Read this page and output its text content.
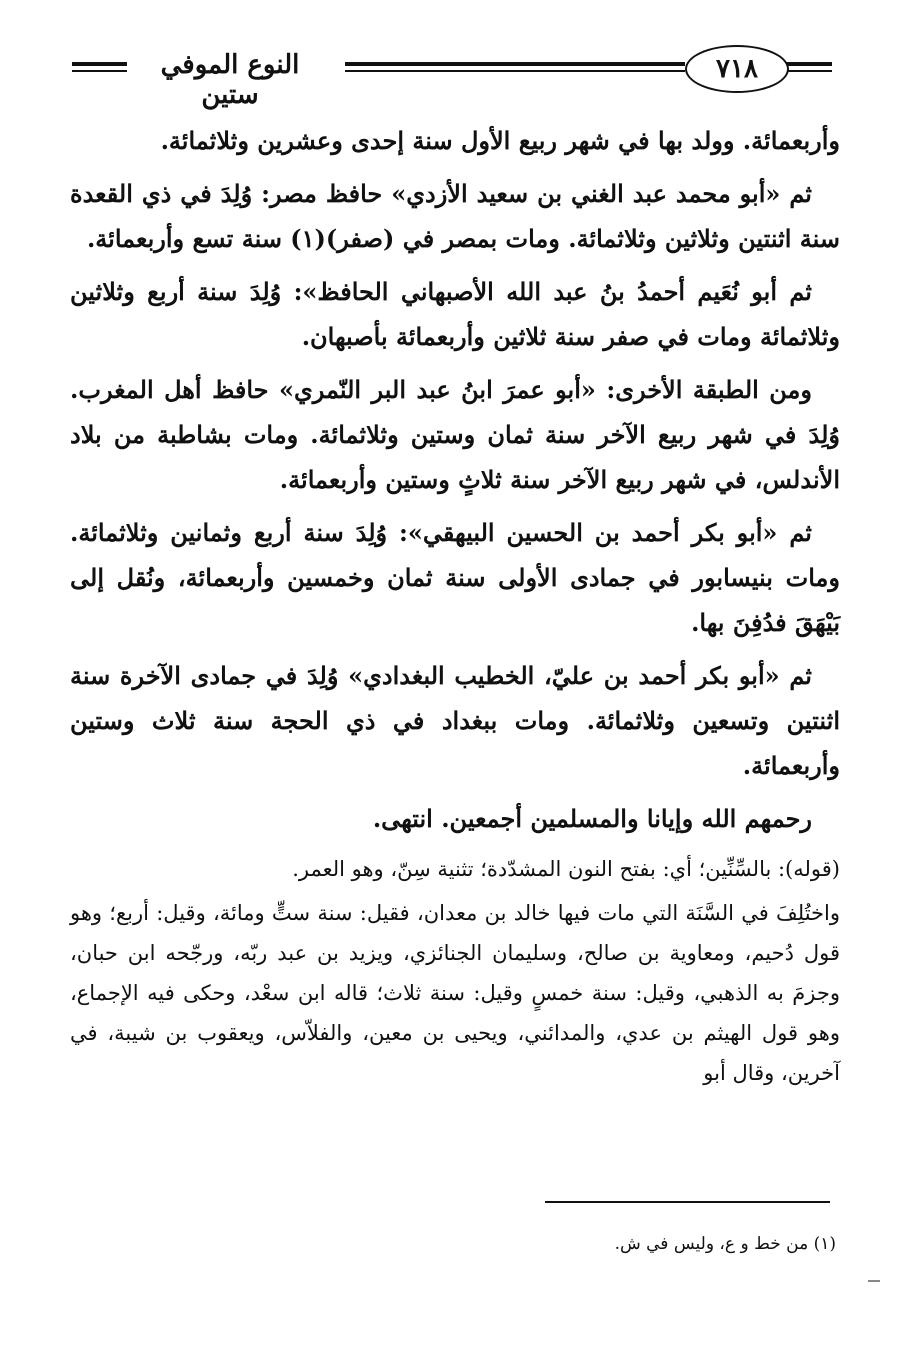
٧١٨
النوع الموفي ستين

وأربعمائة. وولد بها في شهر ربيع الأول سنة إحدى وعشرين وثلاثمائة.

ثم «أبو محمد عبد الغني بن سعيد الأزدي» حافظ مصر: وُلِدَ في ذي القعدة سنة اثنتين وثلاثين وثلاثمائة. ومات بمصر في (صفر)(١) سنة تسع وأربعمائة.

ثم أبو نُعَيم أحمدُ بنُ عبد الله الأصبهاني الحافظ»: وُلِدَ سنة أربع وثلاثين وثلاثمائة ومات في صفر سنة ثلاثين وأربعمائة بأصبهان.

ومن الطبقة الأخرى: «أبو عمرَ ابنُ عبد البر النّمري» حافظ أهل المغرب. وُلِدَ في شهر ربيع الآخر سنة ثمان وستين وثلاثمائة. ومات بشاطبة من بلاد الأندلس، في شهر ربيع الآخر سنة ثلاثٍ وستين وأربعمائة.

ثم «أبو بكر أحمد بن الحسين البيهقي»: وُلِدَ سنة أربع وثمانين وثلاثمائة. ومات بنيسابور في جمادى الأولى سنة ثمان وخمسين وأربعمائة، ونُقل إلى بَيْهَقَ فدُفِنَ بها.

ثم «أبو بكر أحمد بن عليّ، الخطيب البغدادي» وُلِدَ في جمادى الآخرة سنة اثنتين وتسعين وثلاثمائة. ومات ببغداد في ذي الحجة سنة ثلاث وستين وأربعمائة.

رحمهم الله وإيانا والمسلمين أجمعين. انتهى.

(قوله): بالسِّنِّين؛ أي: بفتح النون المشدّدة؛ تثنية سِنّ، وهو العمر.

واختُلِفَ في السَّنَة التي مات فيها خالد بن معدان، فقيل: سنة ستٍّ ومائة، وقيل: أربع؛ وهو قول دُحيم، ومعاوية بن صالح، وسليمان الجنائزي، ويزيد بن عبد ربّه، ورجّحه ابن حبان، وجزمَ به الذهبي، وقيل: سنة خمسٍ وقيل: سنة ثلاث؛ قاله ابن سعْد، وحكى فيه الإجماع، وهو قول الهيثم بن عدي، والمدائني، ويحيى بن معين، والفلاّس، ويعقوب بن شيبة، في آخرين، وقال أبو

(١) من خط و ع، وليس في ش.
